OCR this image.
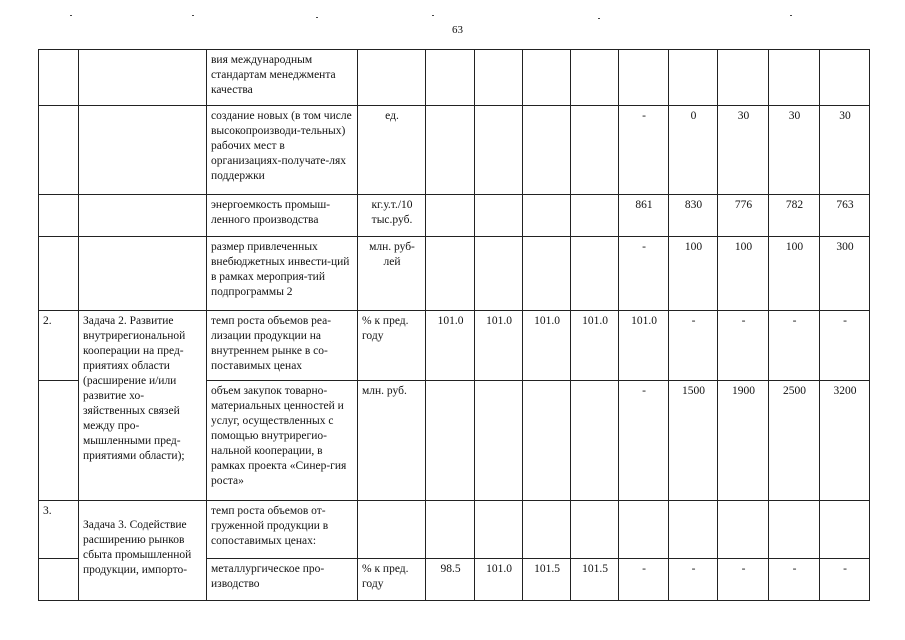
63
		вия международным стандартам менеджмента качества										
		создание новых (в том числе высокопроизводи-тельных) рабочих мест в организациях-получате-лях поддержки	ед.					-	0	30	30	30
		энергоемкость промыш-ленного производства	кг.у.т./10 тыс.руб.					861	830	776	782	763
		размер привлеченных внебюджетных инвести-ций в рамках мероприя-тий подпрограммы 2	млн. руб-лей					-	100	100	100	300
2.	Задача 2. Развитие внутрирегиональной кооперации на пред-приятиях области (расширение и/или развитие хо-зяйственных связей между про-мышленными пред-приятиями области);	темп роста объемов реа-лизации продукции на внутреннем рынке в со-поставимых ценах	% к пред. году	101.0	101.0	101.0	101.0	101.0	-	-	-	-
		объем закупок товарно-материальных ценностей и услуг, осуществленных с помощью внутрирегио-нальной кооперации, в рамках проекта «Синер-гия роста»	млн. руб.					-	1500	1900	2500	3200
3.	Задача 3. Содействие расширению рынков сбыта промышленной продукции, импорто-	темп роста объемов от-груженной продукции в сопоставимых ценах:										
		металлургическое про-изводство	% к пред. году	98.5	101.0	101.5	101.5	-	-	-	-	-
